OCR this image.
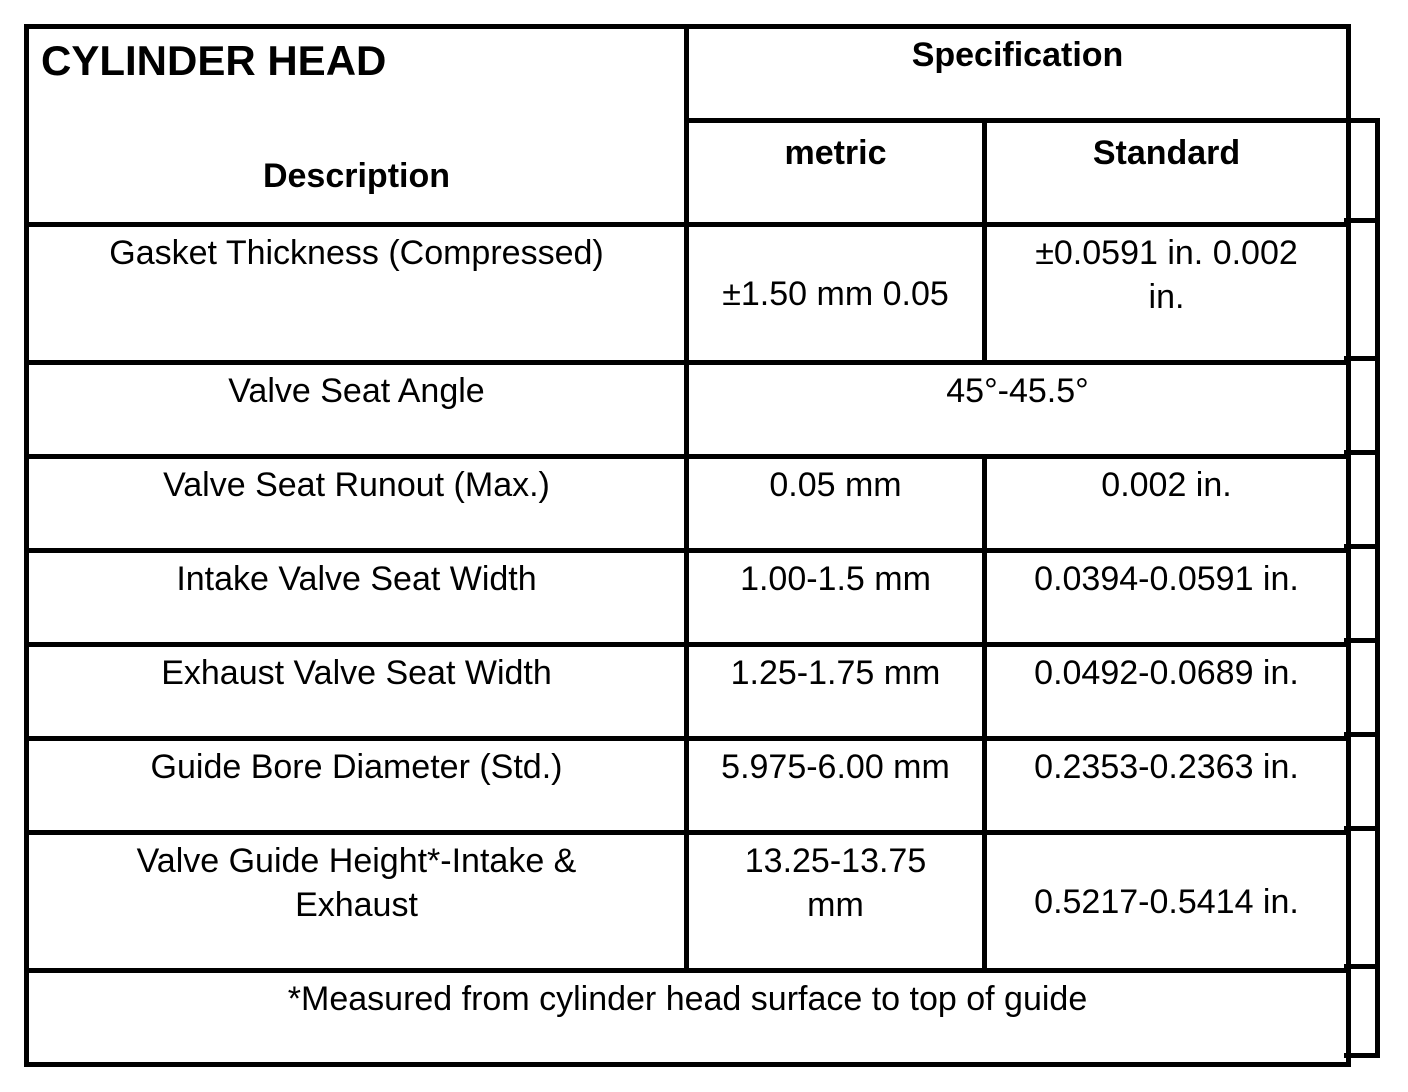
CYLINDER HEAD	Specification	
Description	metric	Standard
Gasket Thickness (Compressed)	±1.50 mm 0.05	±0.0591 in. 0.002 in.
Valve Seat Angle	45°-45.5°	
Valve Seat Runout (Max.)	0.05 mm	0.002 in.
Intake Valve Seat Width	1.00-1.5 mm	0.0394-0.0591 in.
Exhaust Valve Seat Width	1.25-1.75 mm	0.0492-0.0689 in.
Guide Bore Diameter (Std.)	5.975-6.00 mm	0.2353-0.2363 in.
Valve Guide Height*-Intake & Exhaust	13.25-13.75 mm	0.5217-0.5414 in.
*Measured from cylinder head surface to top of guide		
